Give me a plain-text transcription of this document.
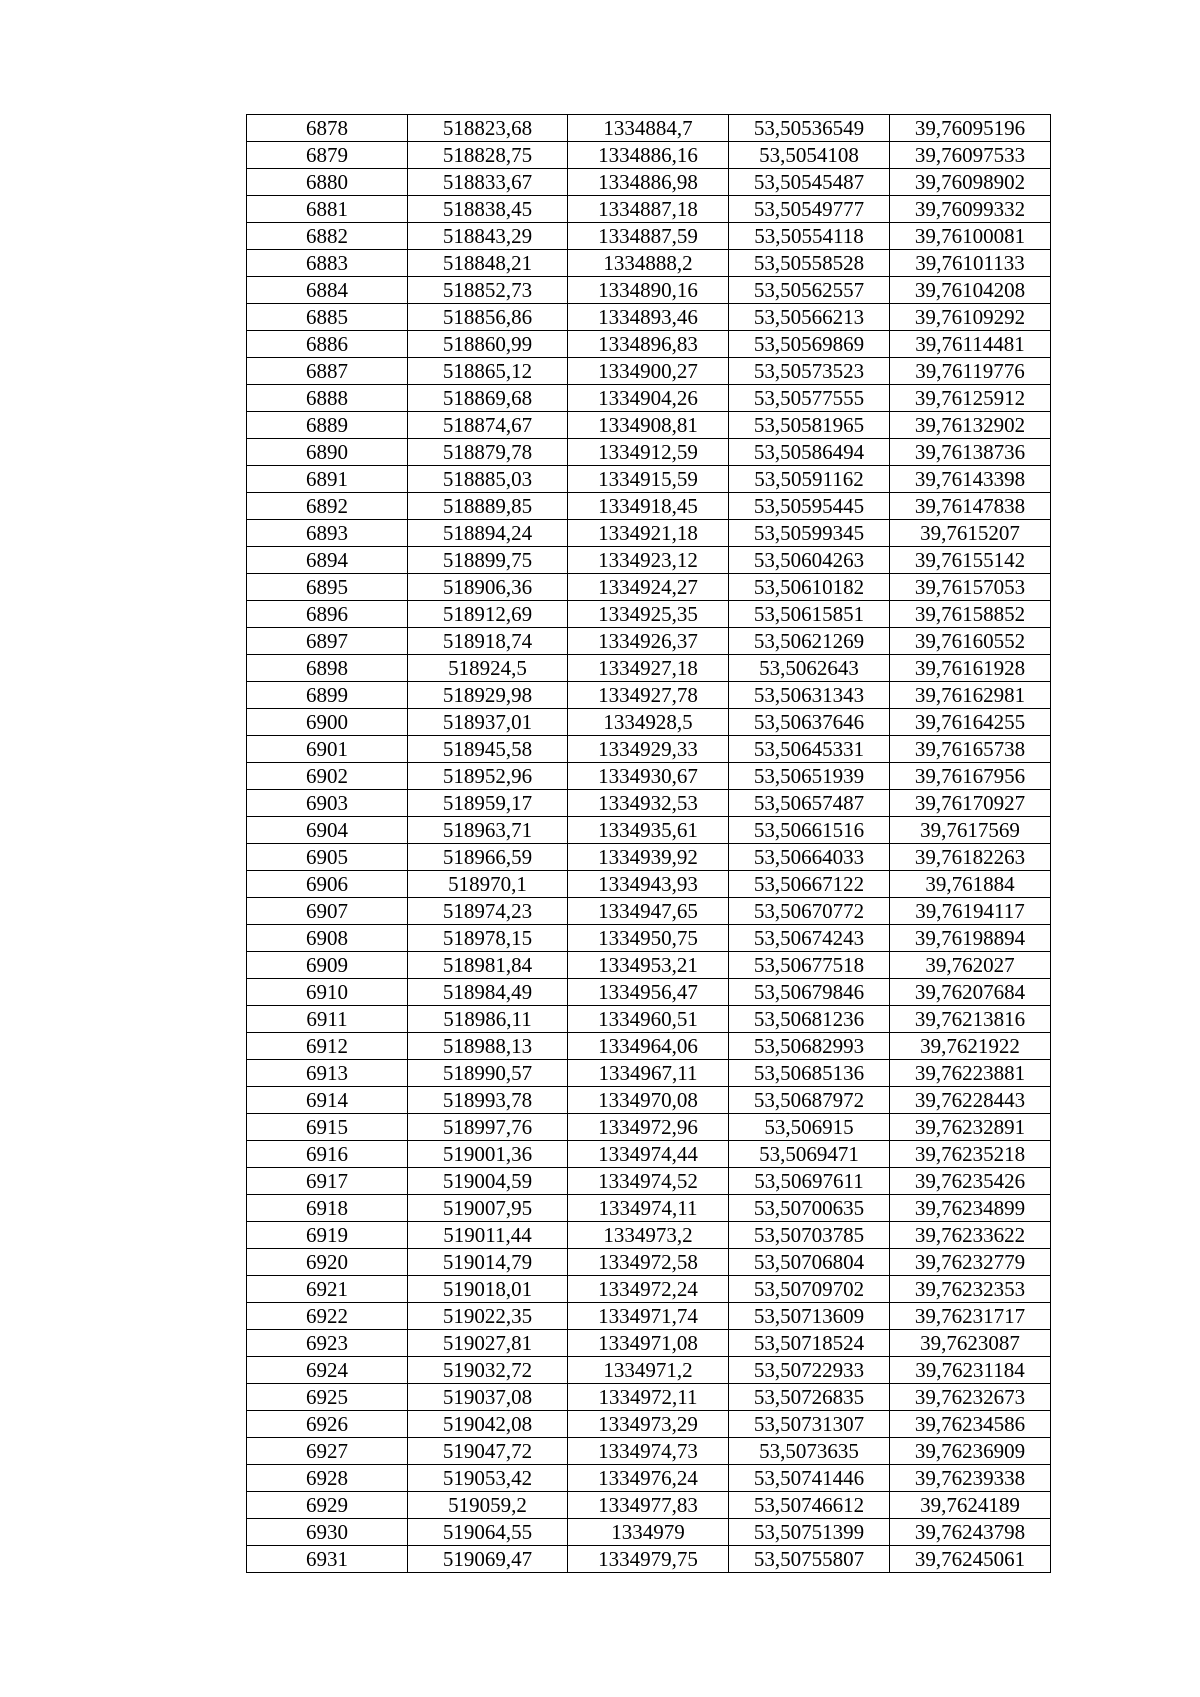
6878	518823,68	1334884,7	53,50536549	39,76095196
6879	518828,75	1334886,16	53,5054108	39,76097533
6880	518833,67	1334886,98	53,50545487	39,76098902
6881	518838,45	1334887,18	53,50549777	39,76099332
6882	518843,29	1334887,59	53,50554118	39,76100081
6883	518848,21	1334888,2	53,50558528	39,76101133
6884	518852,73	1334890,16	53,50562557	39,76104208
6885	518856,86	1334893,46	53,50566213	39,76109292
6886	518860,99	1334896,83	53,50569869	39,76114481
6887	518865,12	1334900,27	53,50573523	39,76119776
6888	518869,68	1334904,26	53,50577555	39,76125912
6889	518874,67	1334908,81	53,50581965	39,76132902
6890	518879,78	1334912,59	53,50586494	39,76138736
6891	518885,03	1334915,59	53,50591162	39,76143398
6892	518889,85	1334918,45	53,50595445	39,76147838
6893	518894,24	1334921,18	53,50599345	39,7615207
6894	518899,75	1334923,12	53,50604263	39,76155142
6895	518906,36	1334924,27	53,50610182	39,76157053
6896	518912,69	1334925,35	53,50615851	39,76158852
6897	518918,74	1334926,37	53,50621269	39,76160552
6898	518924,5	1334927,18	53,5062643	39,76161928
6899	518929,98	1334927,78	53,50631343	39,76162981
6900	518937,01	1334928,5	53,50637646	39,76164255
6901	518945,58	1334929,33	53,50645331	39,76165738
6902	518952,96	1334930,67	53,50651939	39,76167956
6903	518959,17	1334932,53	53,50657487	39,76170927
6904	518963,71	1334935,61	53,50661516	39,7617569
6905	518966,59	1334939,92	53,50664033	39,76182263
6906	518970,1	1334943,93	53,50667122	39,761884
6907	518974,23	1334947,65	53,50670772	39,76194117
6908	518978,15	1334950,75	53,50674243	39,76198894
6909	518981,84	1334953,21	53,50677518	39,762027
6910	518984,49	1334956,47	53,50679846	39,76207684
6911	518986,11	1334960,51	53,50681236	39,76213816
6912	518988,13	1334964,06	53,50682993	39,7621922
6913	518990,57	1334967,11	53,50685136	39,76223881
6914	518993,78	1334970,08	53,50687972	39,76228443
6915	518997,76	1334972,96	53,506915	39,76232891
6916	519001,36	1334974,44	53,5069471	39,76235218
6917	519004,59	1334974,52	53,50697611	39,76235426
6918	519007,95	1334974,11	53,50700635	39,76234899
6919	519011,44	1334973,2	53,50703785	39,76233622
6920	519014,79	1334972,58	53,50706804	39,76232779
6921	519018,01	1334972,24	53,50709702	39,76232353
6922	519022,35	1334971,74	53,50713609	39,76231717
6923	519027,81	1334971,08	53,50718524	39,7623087
6924	519032,72	1334971,2	53,50722933	39,76231184
6925	519037,08	1334972,11	53,50726835	39,76232673
6926	519042,08	1334973,29	53,50731307	39,76234586
6927	519047,72	1334974,73	53,5073635	39,76236909
6928	519053,42	1334976,24	53,50741446	39,76239338
6929	519059,2	1334977,83	53,50746612	39,7624189
6930	519064,55	1334979	53,50751399	39,76243798
6931	519069,47	1334979,75	53,50755807	39,76245061
